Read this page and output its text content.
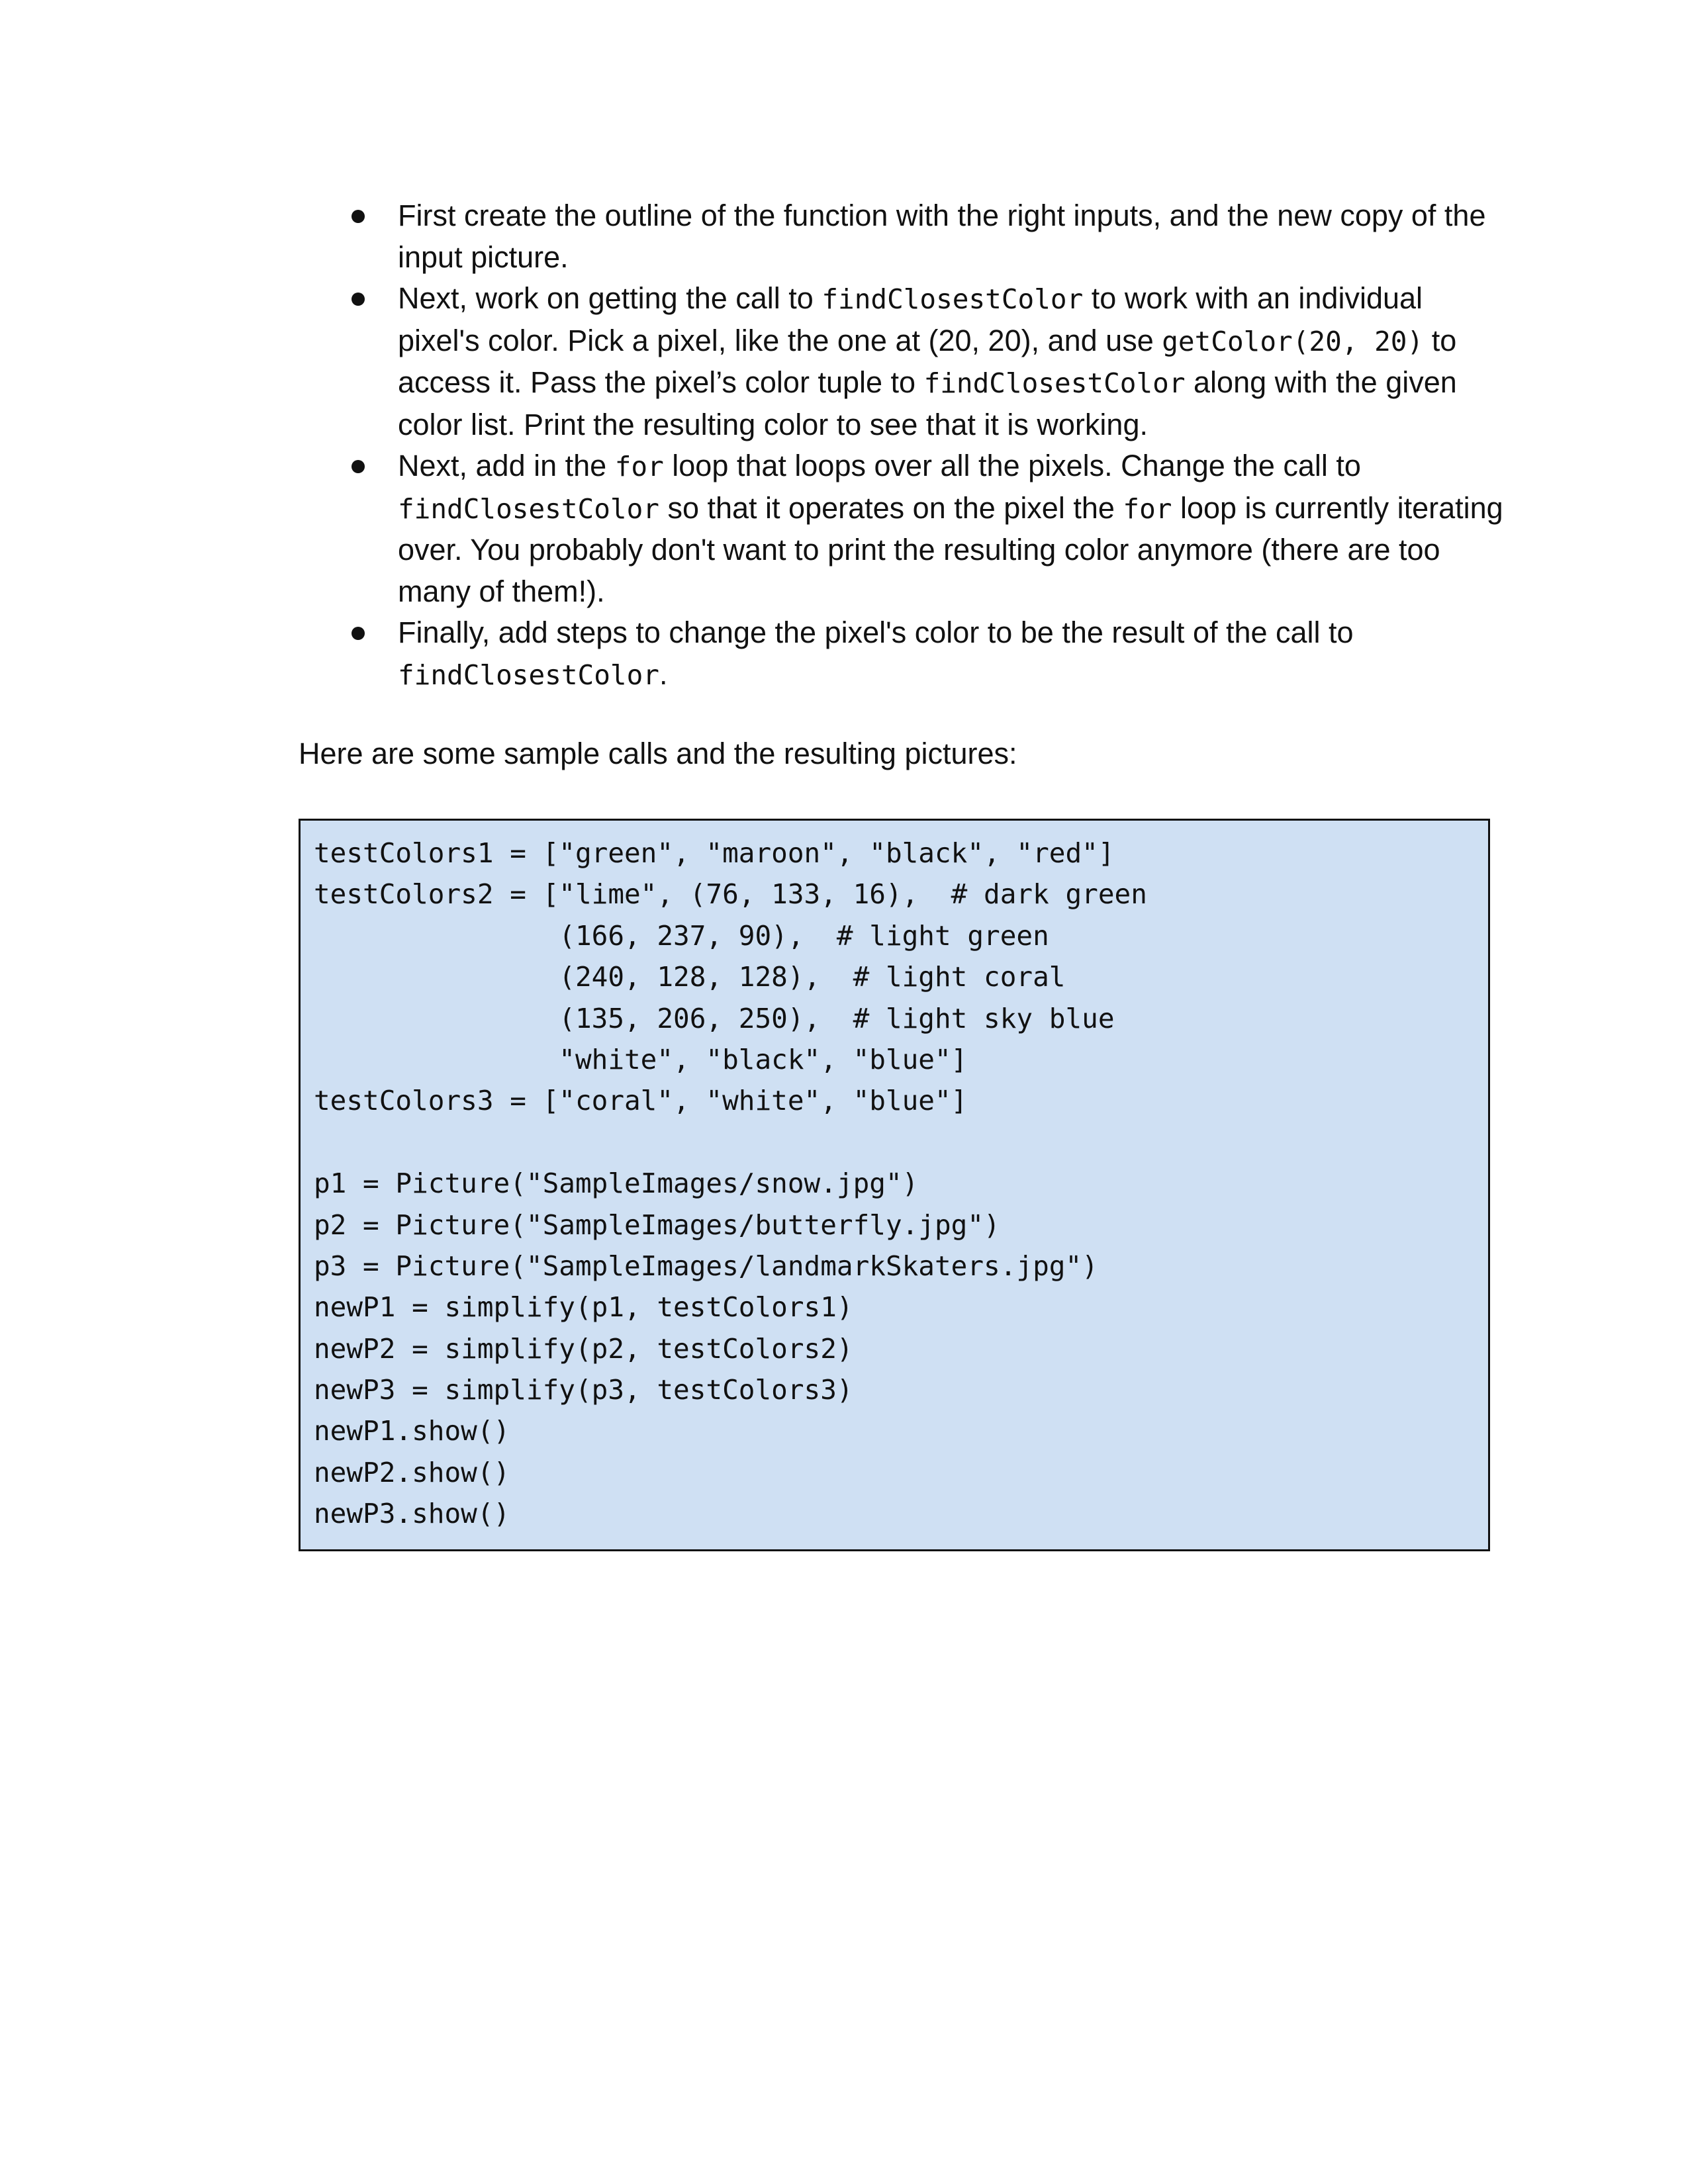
First create the outline of the function with the right inputs, and the new copy of the input picture.
Next, work on getting the call to findClosestColor to work with an individual pixel's color. Pick a pixel, like the one at (20, 20), and use getColor(20, 20) to access it. Pass the pixel’s color tuple to findClosestColor along with the given color list. Print the resulting color to see that it is working.
Next, add in the for loop that loops over all the pixels. Change the call to findClosestColor so that it operates on the pixel the for loop is currently iterating over. You probably don't want to print the resulting color anymore (there are too many of them!).
Finally, add steps to change the pixel's color to be the result of the call to findClosestColor.

Here are some sample calls and the resulting pictures:

testColors1 = ["green", "maroon", "black", "red"]
testColors2 = ["lime", (76, 133, 16),  # dark green
(166, 237, 90),  # light green
(240, 128, 128),  # light coral
(135, 206, 250),  # light sky blue
"white", "black", "blue"]
testColors3 = ["coral", "white", "blue"]
p1 = Picture("SampleImages/snow.jpg")
p2 = Picture("SampleImages/butterfly.jpg")
p3 = Picture("SampleImages/landmarkSkaters.jpg")
newP1 = simplify(p1, testColors1)
newP2 = simplify(p2, testColors2)
newP3 = simplify(p3, testColors3)
newP1.show()
newP2.show()
newP3.show()
